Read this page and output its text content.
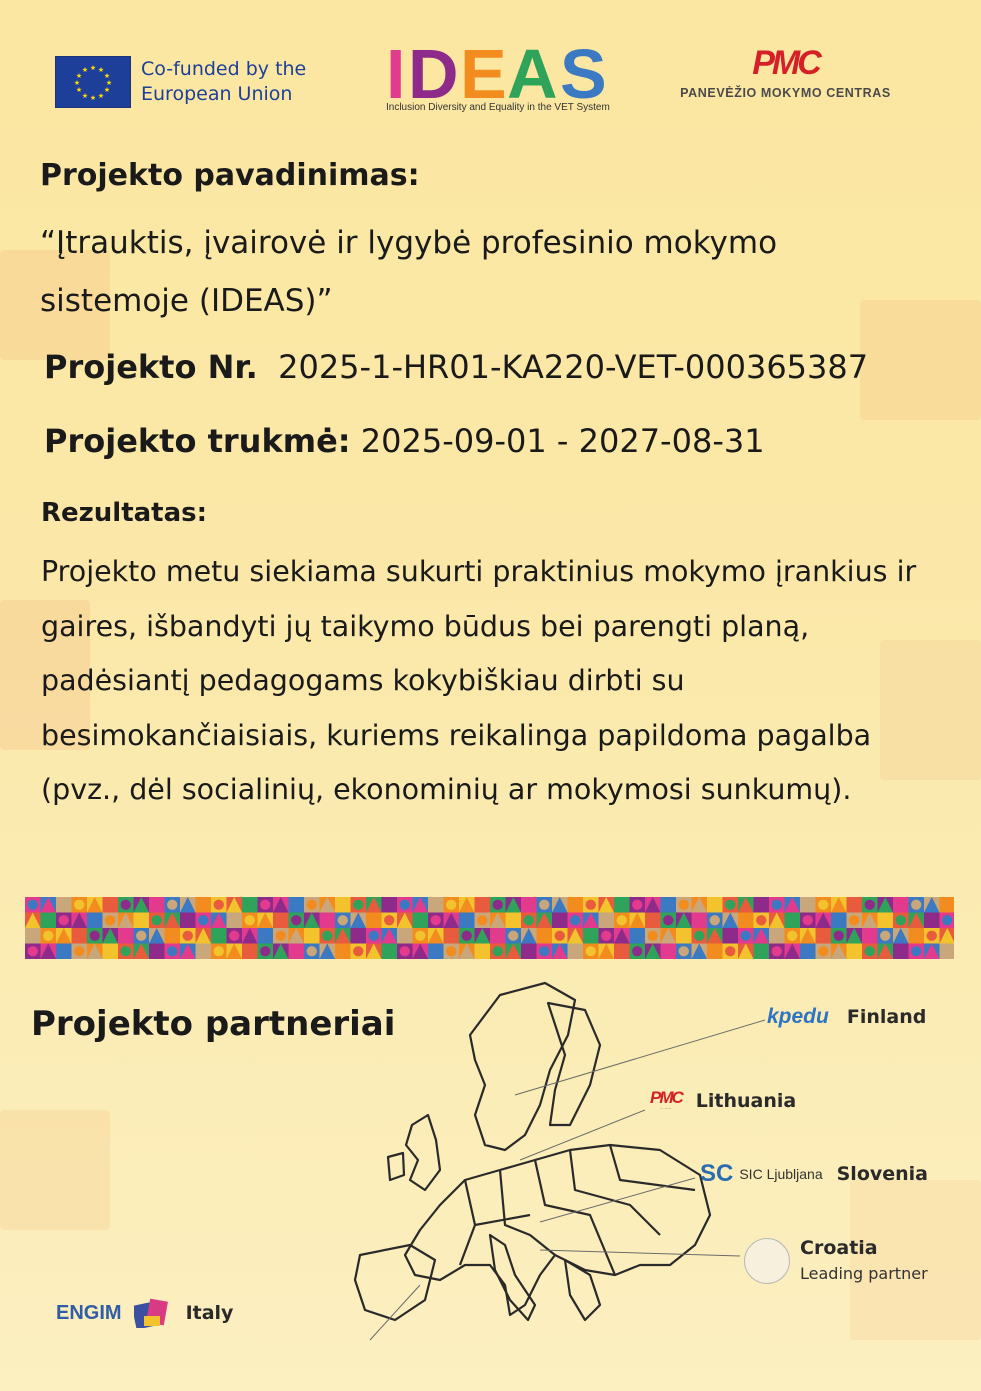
★ ★
★
★
★
★
★
★
★
★
★
★	Co-funded by the
European Union I D E A S
Inclusion Diversity and Equality in the VET System
PMC
PANEVĖŽIO MOKYMO CENTRAS
Projekto pavadinimas:
“Įtrauktis, įvairovė ir lygybė profesinio mokymo sistemoje (IDEAS)”
Projekto Nr. 2025-1-HR01-KA220-VET-000365387
Projekto trukmė: 2025-09-01 - 2027-08-31
Rezultatas:
Projekto metu siekiama sukurti praktinius mokymo įrankius ir gaires, išbandyti jų taikymo būdus bei parengti planą, padėsiantį pedagogams kokybiškiau dirbti su besimokančiaisiais, kuriems reikalinga papildoma pagalba (pvz., dėl socialinių, ekonominių ar mokymosi sunkumų).
Projekto partneriai	kpedu Finland
PMC
·· ·····	Lithuania
SC SIC Ljubljana Slovenia
Croatia
Leading partner
ENGIM	Italy
